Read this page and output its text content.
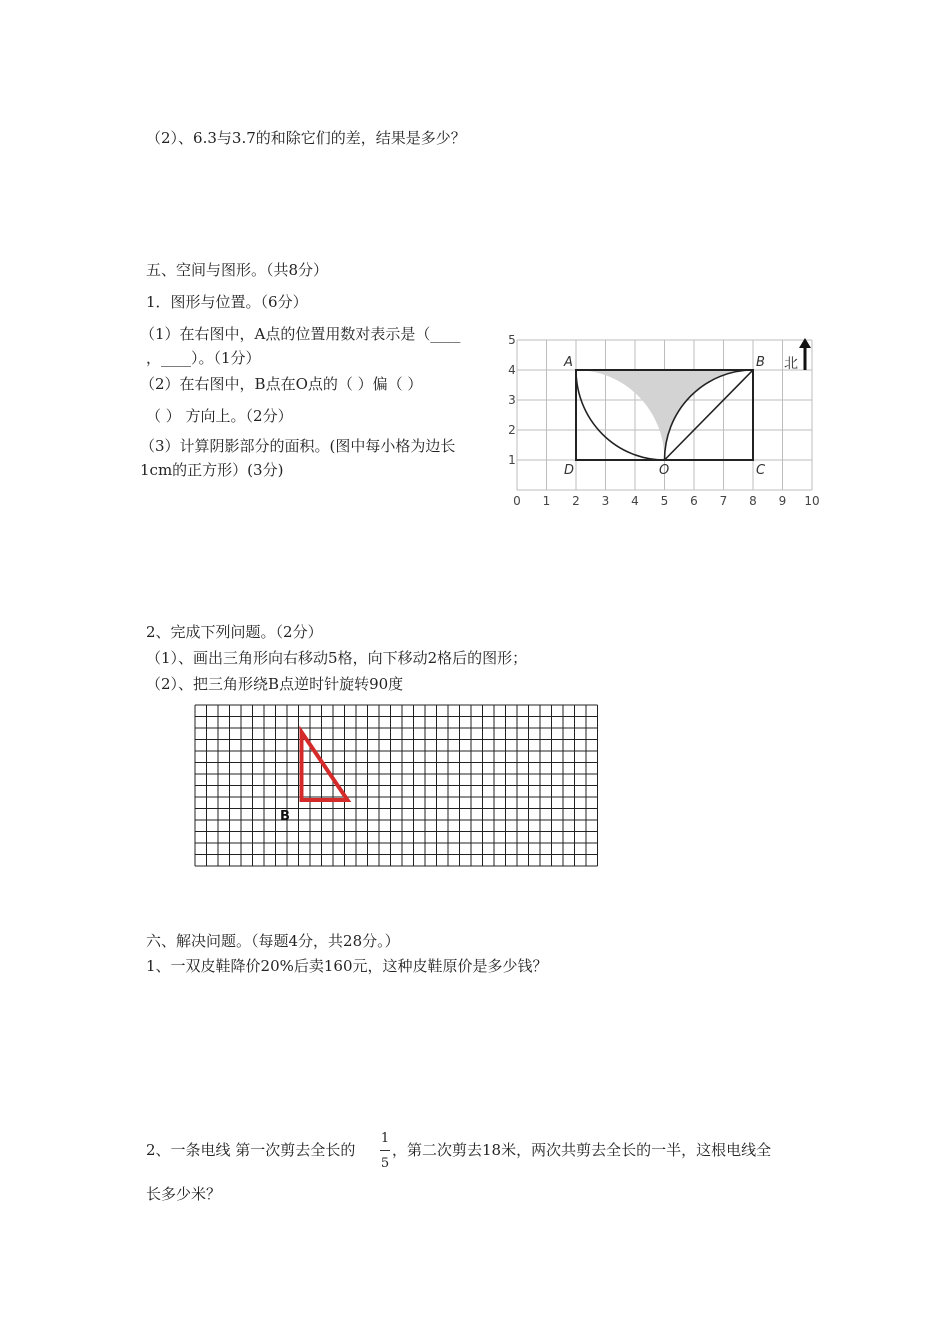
（2）、6.3与3.7的和除它们的差，结果是多少？
五、空间与图形。（共8分）
1．图形与位置。（6分）
（1）在右图中，A点的位置用数对表示是（____
，____）。（1分）
（2）在右图中，B点在O点的（ ）偏（ ）
（ ） 方向上。（2分）
（3）计算阴影部分的面积。(图中每小格为边长
1cm的正方形）(3分)
0 1 2 3 4 5 6 7 8 9 10
1
2
3
4
5
A	B
C
D	O
北
2、完成下列问题。（2分）
（1）、画出三角形向右移动5格，向下移动2格后的图形；
（2）、把三角形绕B点逆时针旋转90度
B
六、解决问题。（每题4分，共28分。）
1、一双皮鞋降价20%后卖160元，这种皮鞋原价是多少钱？
2、一条电线 第一次剪去全长的
1
5
，第二次剪去18米，两次共剪去全长的一半，这根电线全
长多少米？
